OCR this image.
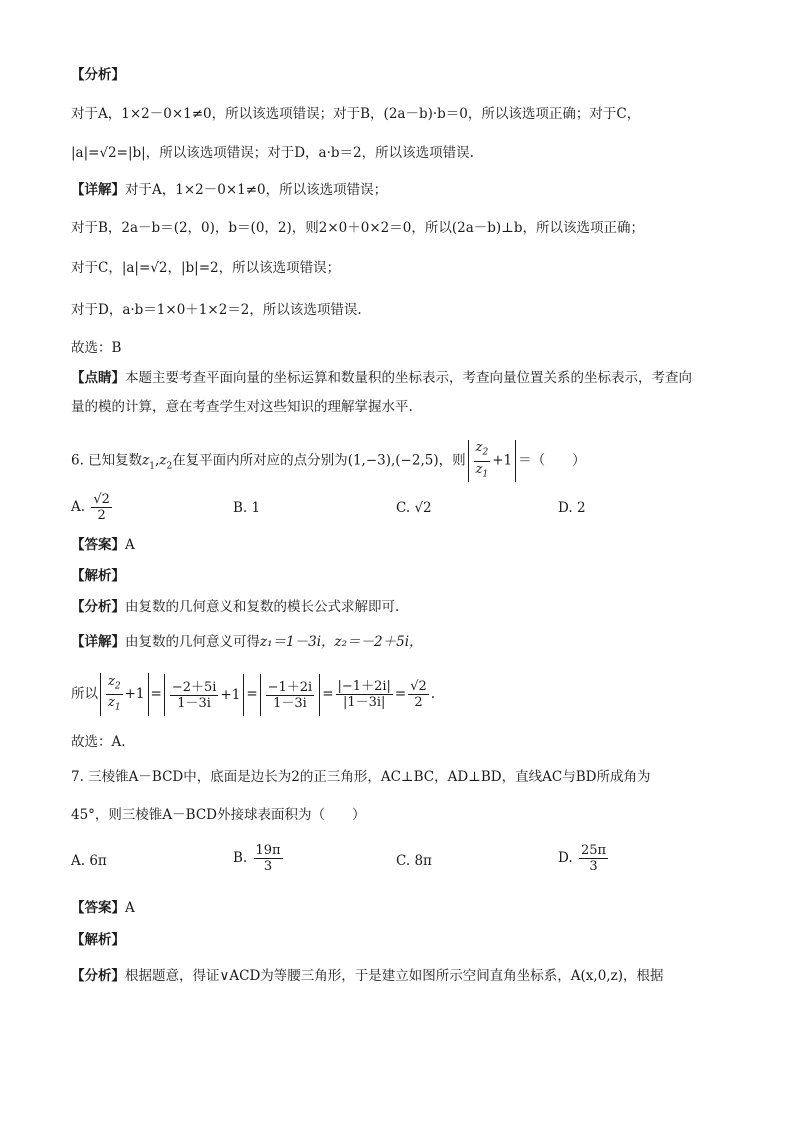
【分析】
对于A，1×2－0×1≠0，所以该选项错误；对于B，(2a－b)·b＝0，所以该选项正确；对于C，
|a|=√2=|b|，所以该选项错误；对于D，a·b＝2，所以该选项错误.
【详解】对于A，1×2－0×1≠0，所以该选项错误；
对于B，2a－b＝(2，0)，b＝(0，2)，则2×0＋0×2＝0，所以(2a－b)⊥b，所以该选项正确；
对于C，|a|=√2，|b|=2，所以该选项错误；
对于D，a·b＝1×0＋1×2＝2，所以该选项错误.
故选：B
【点睛】本题主要考查平面向量的坐标运算和数量积的坐标表示，考查向量位置关系的坐标表示，考查向
量的模的计算，意在考查学生对这些知识的理解掌握水平.
6. 已知复数$z_1,z_2$在复平面内所对应的点分别为(1,−3),(−2,5)，则 $\frac{z_2}{z_1} +1$ ＝（　　）
A. $\frac{√2}{2}$	B. 1	C. √2	D. 2
【答案】A
【解析】
【分析】由复数的几何意义和复数的模长公式求解即可.
【详解】由复数的几何意义可得z₁＝1－3i，z₂＝－2＋5i，
所以 $\frac{z_2}{z_1} +1 = \frac{-2+5i}{1-3i} +1 = \frac{-1+2i}{1-3i} = \frac{|-1+2i|}{|1-3i|} = \frac{√2}{2}$ .
故选：A.
7. 三棱锥A－BCD中，底面是边长为2的正三角形，AC⊥BC，AD⊥BD，直线AC与BD所成角为
45°，则三棱锥A－BCD外接球表面积为（　　）
A. 6π	B. $\frac{19\pi}{3}$	C. 8π	D. $\frac{25\pi}{3}$
【答案】A
【解析】
【分析】根据题意，得证∨ACD为等腰三角形，于是建立如图所示空间直角坐标系，A(x,0,z)，根据
